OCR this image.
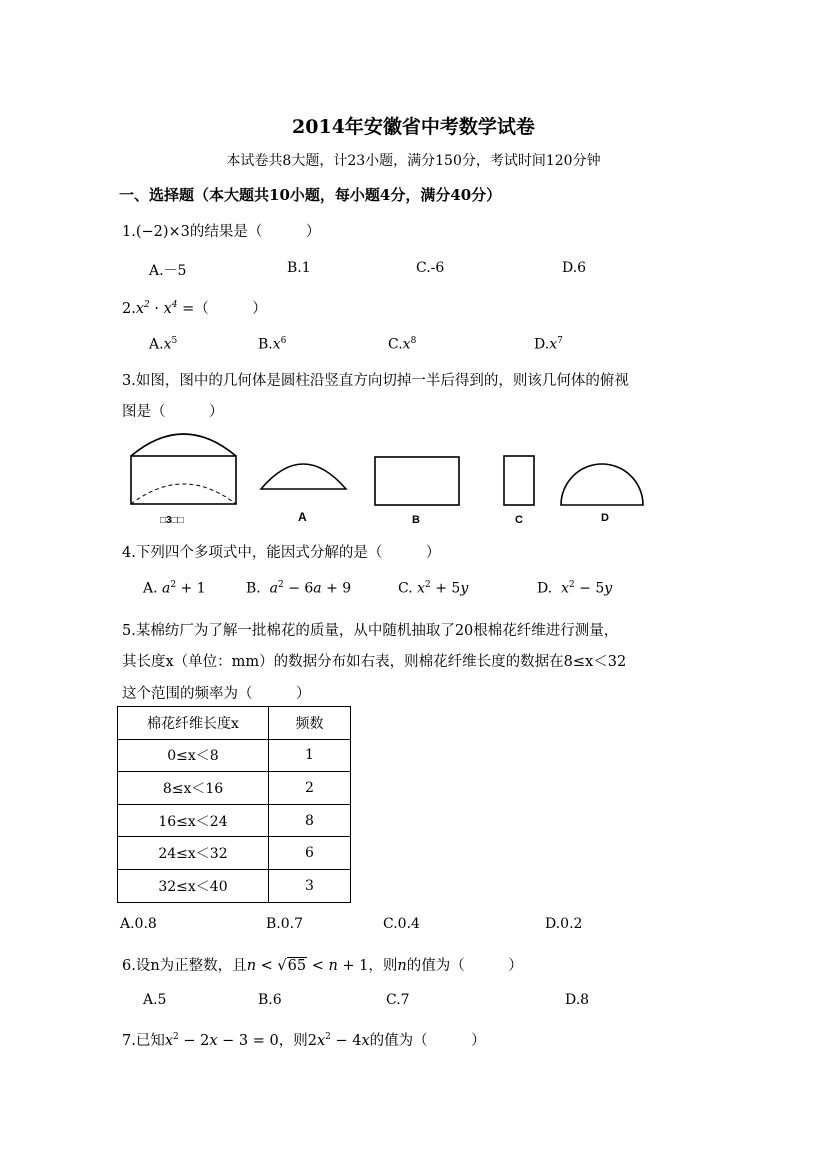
2014年安徽省中考数学试卷
本试卷共8大题，计23小题，满分150分，考试时间120分钟
一、选择题（本大题共10小题，每小题4分，满分40分）
1.(−2)×3的结果是（　　　）
A.－5	B.1	C.-6	D.6
$2.x^2 \cdot x^4$ =（　　　）
$A.x^5$	$B.x^6$	$C.x^8$	$D.x^7$
3.如图，图中的几何体是圆柱沿竖直方向切掉一半后得到的，则该几何体的俯视
图是（　　　）
□3□□	A	B	C	D
4.下列四个多项式中，能因式分解的是（　　　）
A. $a^2 + 1$	B. $a^2 - 6a + 9$	C. $x^2 + 5y$	D. $x^2 - 5y$
5.某棉纺厂为了解一批棉花的质量，从中随机抽取了20根棉花纤维进行测量，
其长度x（单位：mm）的数据分布如右表，则棉花纤维长度的数据在8≤x＜32
这个范围的频率为（　　　）
棉花纤维长度x	频数
0≤x＜8	1
8≤x＜16	2
16≤x＜24	8
24≤x＜32	6
32≤x＜40	3
A.0.8	B.0.7	C.0.4	D.0.2
6.设n为正整数，且n < √65 < n + 1，则n的值为（　　　）
A.5	B.6	C.7	D.8
7.已知$x^2 - 2x - 3 = 0$，则$2x^2 - 4x$的值为（　　　）
